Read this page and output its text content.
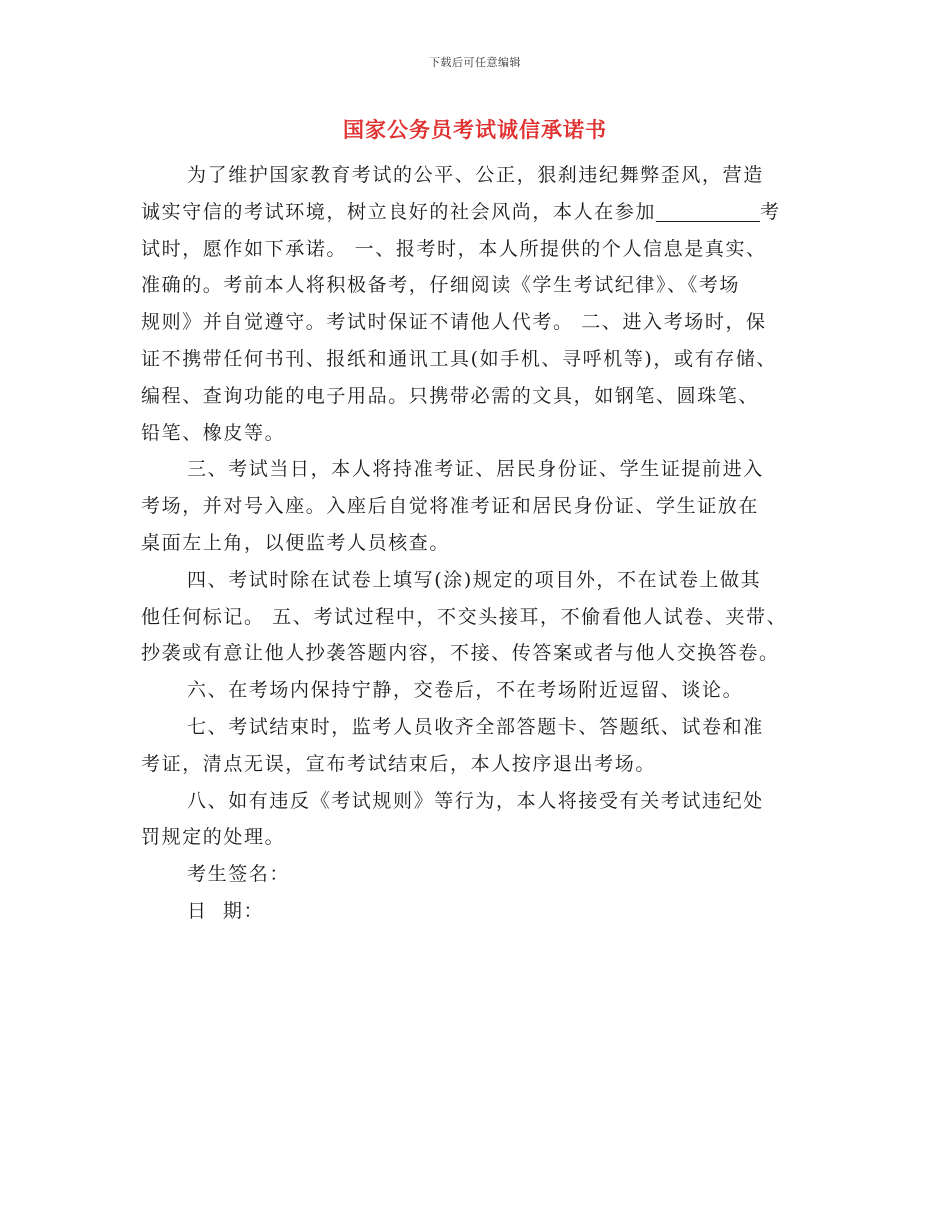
下载后可任意编辑
国家公务员考试诚信承诺书
为了维护国家教育考试的公平、公正，狠刹违纪舞弊歪风，营造
诚实守信的考试环境，树立良好的社会风尚，本人在参加	考
试时，愿作如下承诺。 一、报考时，本人所提供的个人信息是真实、
准确的。考前本人将积极备考，仔细阅读《学生考试纪律》、《考场
规则》并自觉遵守。考试时保证不请他人代考。 二、进入考场时，保
证不携带任何书刊、报纸和通讯工具(如手机、寻呼机等)，或有存储、
编程、查询功能的电子用品。只携带必需的文具，如钢笔、圆珠笔、
铅笔、橡皮等。
三、考试当日，本人将持准考证、居民身份证、学生证提前进入
考场，并对号入座。入座后自觉将准考证和居民身份证、学生证放在
桌面左上角，以便监考人员核查。
四、考试时除在试卷上填写(涂)规定的项目外，不在试卷上做其
他任何标记。 五、考试过程中，不交头接耳，不偷看他人试卷、夹带、
抄袭或有意让他人抄袭答题内容，不接、传答案或者与他人交换答卷。
六、在考场内保持宁静，交卷后，不在考场附近逗留、谈论。
七、考试结束时，监考人员收齐全部答题卡、答题纸、试卷和准
考证，清点无误，宣布考试结束后，本人按序退出考场。
八、如有违反《考试规则》等行为，本人将接受有关考试违纪处
罚规定的处理。
考生签名：
日  期：
